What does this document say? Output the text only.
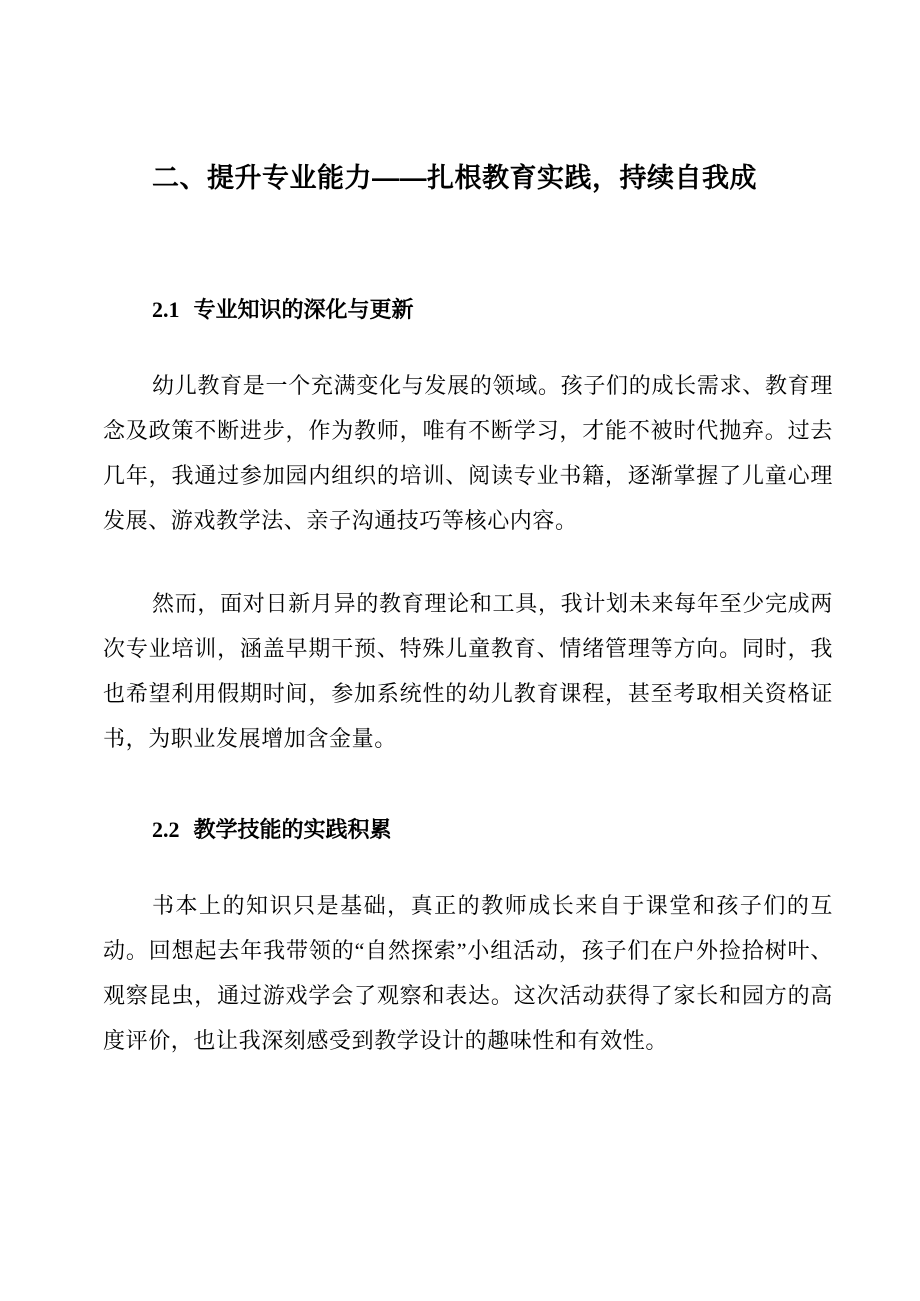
二、提升专业能力——扎根教育实践，持续自我成
2.1 专业知识的深化与更新

幼儿教育是一个充满变化与发展的领域。孩子们的成长需求、教育理念及政策不断进步，作为教师，唯有不断学习，才能不被时代抛弃。过去几年，我通过参加园内组织的培训、阅读专业书籍，逐渐掌握了儿童心理发展、游戏教学法、亲子沟通技巧等核心内容。

然而，面对日新月异的教育理论和工具，我计划未来每年至少完成两次专业培训，涵盖早期干预、特殊儿童教育、情绪管理等方向。同时，我也希望利用假期时间，参加系统性的幼儿教育课程，甚至考取相关资格证书，为职业发展增加含金量。

2.2 教学技能的实践积累

书本上的知识只是基础，真正的教师成长来自于课堂和孩子们的互动。回想起去年我带领的“自然探索”小组活动，孩子们在户外捡拾树叶、观察昆虫，通过游戏学会了观察和表达。这次活动获得了家长和园方的高度评价，也让我深刻感受到教学设计的趣味性和有效性。
